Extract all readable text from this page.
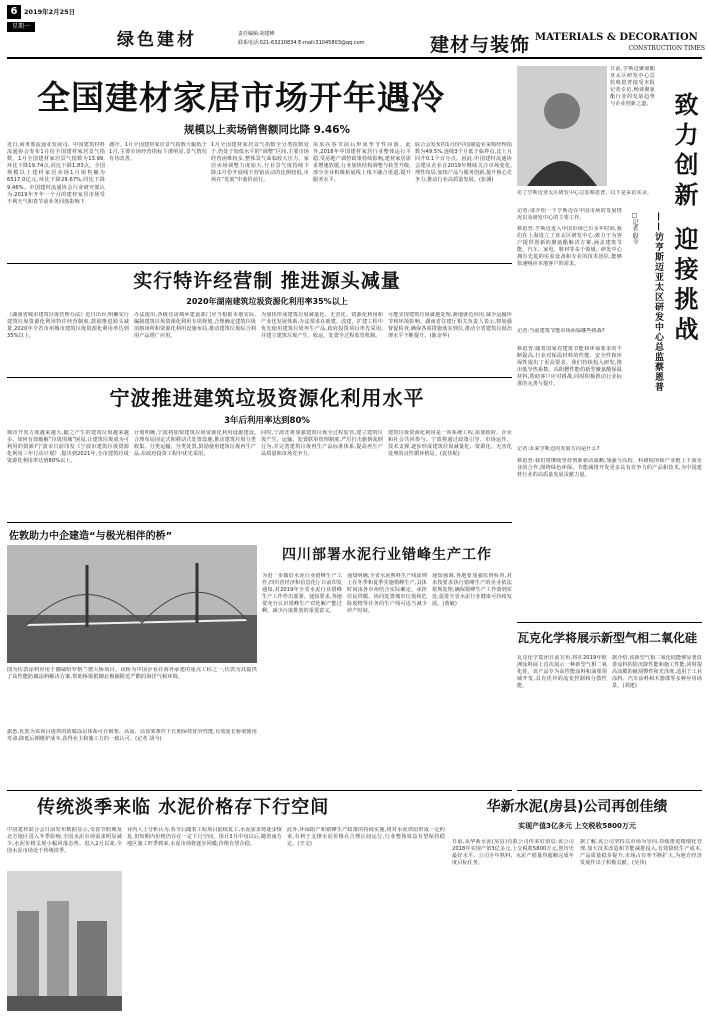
6	2019年2月25日
星期一
绿色建材	责任编辑:胡建峰
联系电话:021-63210834 E-mail:31045803@qq.com	建材与装饰 MATERIALS & DECORATION
CONSTRUCTION TIMES
全国建材家居市场开年遇冷
规模以上卖场销售额同比降 9.46%
近日,商务部流通业发展司、中国建筑材料流通协会发布1月份全国建材家居景气指数。1月全国建材家居景气指数为13.99,环比下降19.74点,同比下降1.83点。全国规模以上建材家居卖场1月销售额为6517.0亿元,环比下降29.67%,同比下降9.46%。中国建材流通协会行业研究部认为,2019年开年一个月的建材家居市场受不利天气和春节前业务回落影响下
遇冷。1月全国建材家居景气指数大幅低于1月,主要市场经营指标下滑明显,景气情况有待改善。
1月全国建材家居景气指数全分类指数处于,仍处于较低水平的“调整”区间,主要市场经营困难较多,整体景气面临较大压力。家居卖场调整力度加大,行业景气度持续下降;1月份开展线下营销活动的比例较低,市场在“发展”中曲折前行。
需求在春节前后形成季节性回落。此外,2018年中国建材家居行业整体运行平稳,受房地产调控政策持续影响,建材家居需求增速放缓,行业加快结构调整与转型升级,部分企业积极拓展线上线下融合渠道,提升服务水平。
联合会发布的1月份中国制造业采购经理指数为49.5%,连续3个月低于临界点,比上月回升0.1个百分点。因此,中国建材流通协会建议企业在2019年继续关注市场变化,理性布局,加快产品与服务创新,提升核心竞争力,推动行业高质量发展。(张溪)
实行特许经营制 推进源头减量
2020年湖南建筑垃圾资源化利用率35%以上
《湖南省城市建筑垃圾管理办法》近日出台,明确实行建筑垃圾资源化利用特许经营制度,鼓励推进源头减量,2020年全省市州城市建筑垃圾资源化利用率达到35%以上。
办法提出,各级住房城乡建设部门应当根据本地实际,编制建筑垃圾资源化利用专项规划,合理确定建筑垃圾消纳场所和资源化利用设施布局,推动建筑垃圾综合利用产品推广应用。
为加快形成建筑垃圾减量化、无害化、资源化利用和产业化发展体系,办法要求在新建、改建、扩建工程中优先使用建筑垃圾再生产品,政府投资项目率先采用,并建立建筑垃圾产生、收运、处置全过程监管机制。
可能实现建筑垃圾就地处理,就地就近回用,减少运输环节和环境影响。湖南省住建厅相关负责人表示,将加强督促检查,确保各项措施落实到位,推动全省建筑垃圾治理水平不断提升。(陈金华)
宁波推进建筑垃圾资源化利用水平
3年后利用率达到80%
城市开发力度越来越大,随之产生的建筑垃圾越来越多。如何有效破解“垃圾围城”困局,让建筑垃圾成为可利用的资源?宁波市日前印发《宁波市建筑垃圾资源化利用三年行动计划》,提出到2021年,全市建筑垃圾资源化利用率达到80%以上。
计划明确,宁波将加快建筑垃圾资源化利用设施建设,合理布局固定式和移动式处置设施,推动建筑垃圾分类收集、分类运输、分类处置,鼓励使用建筑垃圾再生产品,在政府投资工程中优先采用。
同时,宁波还将加强建筑垃圾全过程监管,建立建筑垃圾产生、运输、处置联单管理制度,严厉打击偷倒乱倒行为,并完善建筑垃圾再生产品标准体系,提高再生产品质量和市场竞争力。
建筑垃圾资源化利用是一项系统工程,需要政府、企业和社会共同参与。宁波将通过政策引导、市场运作、技术支撑,逐步形成建筑垃圾减量化、资源化、无害化处理的良性循环格局。(袁佳妮)
佐敦助力中企建造“与极光相伴的桥”
图为佐敦涂料应用于挪威哈罗格兰德大桥项目。该桥为中国企业在海外承建的重点工程之一,佐敦为其提供了高性能防腐涂料解决方案,帮助桥梁抵御北极圈附近严酷的海洋气候环境。
据悉,佐敦为该项目提供的防腐涂层体系可在极寒、高湿、高盐雾条件下长期保持优异性能,有效延长桥梁使用寿命,降低后期维护成本,获得业主和施工方的一致认可。(记者 胡今)
四川部署水泥行业错峰生产工作
为进一步做好水泥行业错峰生产工作,四川省经济和信息化厅日前印发通知,对2019年全省水泥行业错峰生产工作作出部署。通知要求,各地要充分认识错峰生产对化解产能过剩、减少污染排放的重要意义。
通知明确,全省水泥熟料生产线原则上在冬季和夏季实施错峰生产,具体时间由各市州结合实际确定。承担居民供暖、协同处置城市垃圾和危险废物等任务的生产线可适当减少停产时间。
通知强调,各地要加强监督检查,对未按要求执行错峰生产的企业依法依规处理,确保错峰生产工作落到实处,促进全省水泥行业健康可持续发展。(黄敏)
日前,亨斯迈聚氨酯亚太区研发中心总监蔡恩普接受本报记者专访,畅谈聚氨酯行业的发展趋势与企业创新之道。 致力创新 迎接挑战
访了亨斯迈亚太区研发中心总监蔡恩普。以下是采访实录。
——访亨斯迈亚太区研发中心总监蔡恩普
□记者 殷今
记者:请介绍一下亨斯迈在中国市场的发展情况以及研发中心的主要工作。
蔡恩普:亨斯迈进入中国市场已有多年时间,我们在上海设立了亚太区研发中心,致力于为客户提供创新的聚氨酯解决方案,涵盖建筑节能、汽车、家电、鞋材等多个领域。研发中心拥有先进的实验设备和专业的技术团队,能够快速响应本地客户的需求。
记者:当前建筑节能市场面临哪些挑战?
蔡恩普:随着国家对建筑节能和环保要求的不断提高,行业对保温材料的性能、安全性和环保性提出了更高要求。我们持续投入研发,推出低导热系数、高阻燃性能的新型聚氨酯保温材料,帮助客户应对挑战,同时积极推动行业标准的完善与提升。
记者:未来亨斯迈的发展方向是什么?
蔡恩普:我们将继续坚持创新驱动战略,加强与高校、科研院所和产业链上下游企业的合作,围绕绿色环保、节能减排开发更多具有竞争力的产品和技术,为中国建材行业的高质量发展贡献力量。
瓦克化学将展示新型气相二氧化硅
瓦克化学集团日前宣布,将在2019年欧洲涂料展上首次展示一种新型气相二氧化硅。该产品专为高性能涂料和油墨领域开发,具有优异的流变控制和分散性能。
据介绍,该新型气相二氧化硅能够显著改善涂料的防沉降性能和施工性能,同时提高涂膜的耐刮擦性和光泽度,适用于工业涂料、汽车涂料和木器漆等多种应用场景。(刘建)
传统淡季来临 水泥价格存下行空间
中国建材联合会日前发布数据显示,受春节假期及北方地区进入冬季影响,全国水泥市场需求明显减少,水泥价格呈现小幅回落态势。进入2月以来,全国水泥市场处于传统淡季。
业内人士分析认为,春节后随着工程项目陆续复工,水泥需求将逐步恢复,但短期内价格仍存在一定下行空间。预计3月中旬以后,随着南方地区施工旺季到来,水泥市场将逐步回暖,价格有望企稳。
此外,环保限产和错峰生产政策的持续实施,将对水泥供给形成一定约束,有利于支撑水泥价格在合理区间运行,行业整体效益有望保持稳定。(辛文)
华新水泥(房县)公司再创佳绩
实现产值3亿多元 上交税收5800万元
日前,从华新水泥(房县)有限公司传来好消息:该公司2018年实现产值3亿多元,上交税收5800万元,创历史最好水平。公司全年熟料、水泥产销量均超额完成年度目标任务。
据了解,该公司坚持以市场为导向,持续推进精细化管理,加大技术改造和节能减排投入,有效降低生产成本,产品质量稳步提升,市场占有率不断扩大,为地方经济发展作出了积极贡献。(吴伟)
